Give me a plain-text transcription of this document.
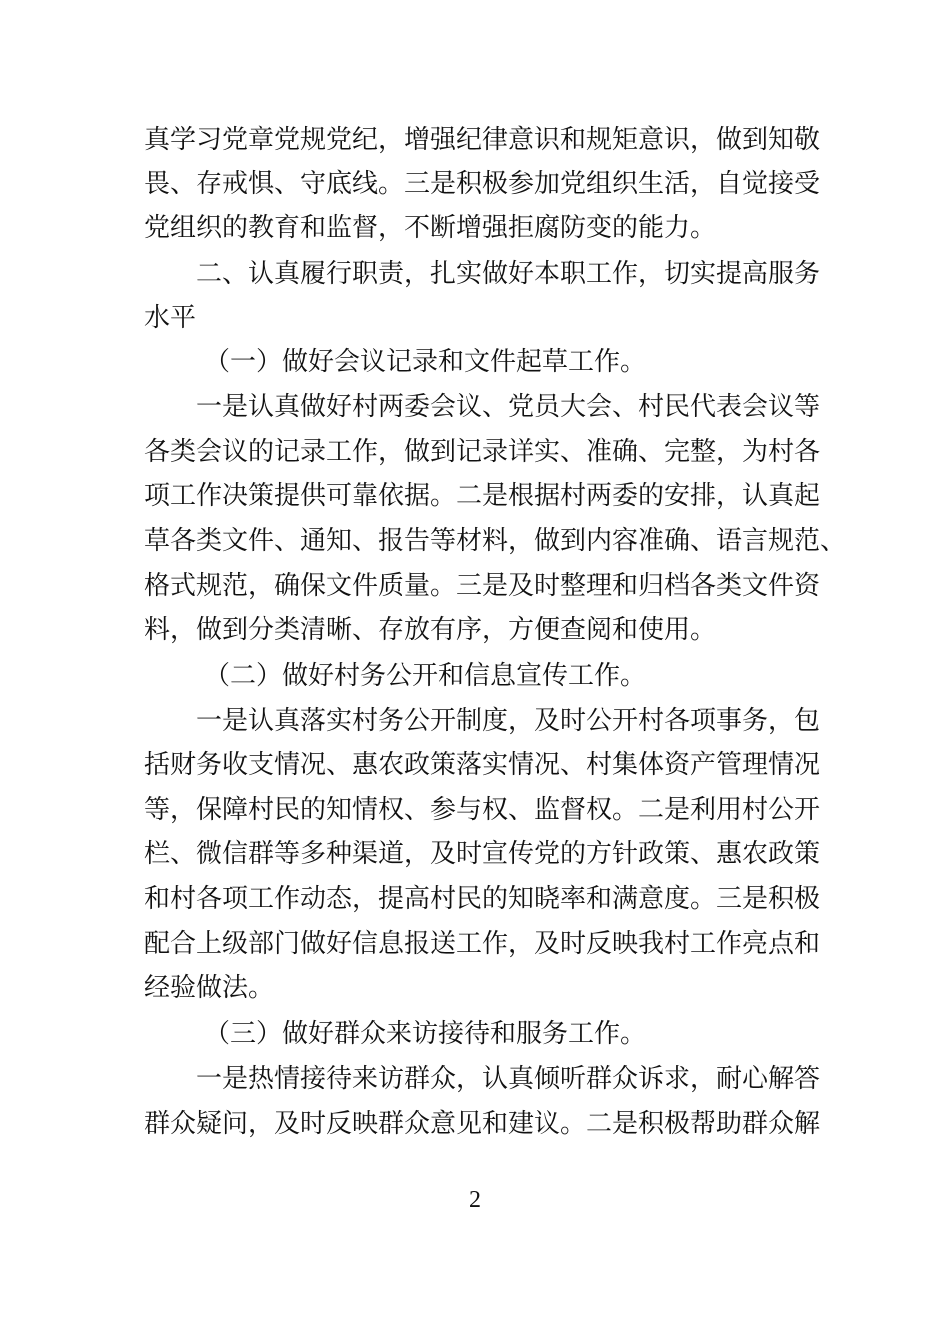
真学习党章党规党纪，增强纪律意识和规矩意识，做到知敬
畏、存戒惧、守底线。三是积极参加党组织生活，自觉接受
党组织的教育和监督，不断增强拒腐防变的能力。
二、认真履行职责，扎实做好本职工作，切实提高服务
水平
（一）做好会议记录和文件起草工作。
一是认真做好村两委会议、党员大会、村民代表会议等
各类会议的记录工作，做到记录详实、准确、完整，为村各
项工作决策提供可靠依据。二是根据村两委的安排，认真起
草各类文件、通知、报告等材料，做到内容准确、语言规范、
格式规范，确保文件质量。三是及时整理和归档各类文件资
料，做到分类清晰、存放有序，方便查阅和使用。
（二）做好村务公开和信息宣传工作。
一是认真落实村务公开制度，及时公开村各项事务，包
括财务收支情况、惠农政策落实情况、村集体资产管理情况
等，保障村民的知情权、参与权、监督权。二是利用村公开
栏、微信群等多种渠道，及时宣传党的方针政策、惠农政策
和村各项工作动态，提高村民的知晓率和满意度。三是积极
配合上级部门做好信息报送工作，及时反映我村工作亮点和
经验做法。
（三）做好群众来访接待和服务工作。
一是热情接待来访群众，认真倾听群众诉求，耐心解答
群众疑问，及时反映群众意见和建议。二是积极帮助群众解
2
